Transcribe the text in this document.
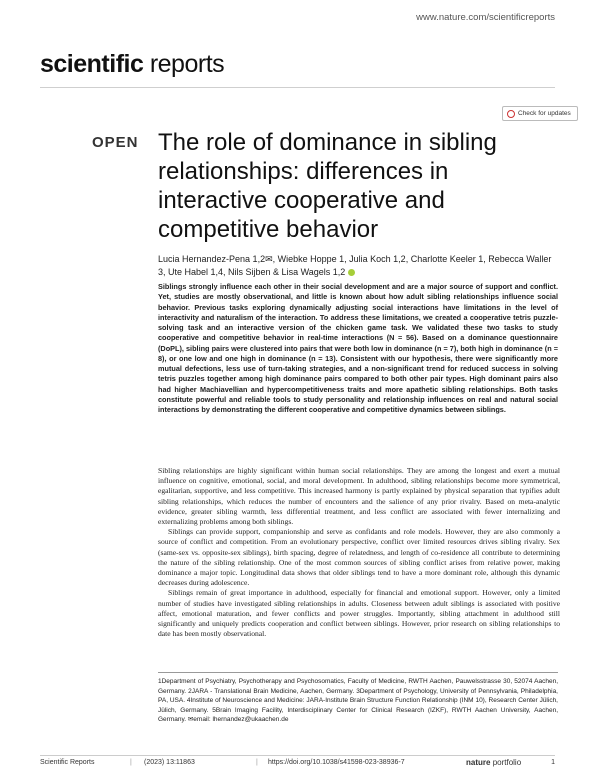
www.nature.com/scientificreports
scientific reports
OPEN
Check for updates
The role of dominance in sibling relationships: differences in interactive cooperative and competitive behavior
Lucia Hernandez-Pena 1,2✉, Wiebke Hoppe 1, Julia Koch 1,2, Charlotte Keeler 1, Rebecca Waller 3, Ute Habel 1,4, Nils Sijben & Lisa Wagels 1,2
Siblings strongly influence each other in their social development and are a major source of support and conflict. Yet, studies are mostly observational, and little is known about how adult sibling relationships influence social behavior. Previous tasks exploring dynamically adjusting social interactions have limitations in the level of interactivity and naturalism of the interaction. To address these limitations, we created a cooperative tetris puzzle-solving task and an interactive version of the chicken game task. We validated these two tasks to study cooperative and competitive behavior in real-time interactions (N = 56). Based on a dominance questionnaire (DoPL), sibling pairs were clustered into pairs that were both low in dominance (n = 7), both high in dominance (n = 8), or one low and one high in dominance (n = 13). Consistent with our hypothesis, there were significantly more mutual defections, less use of turn-taking strategies, and a non-significant trend for reduced success in solving tetris puzzles together among high dominance pairs compared to both other pair types. High dominant pairs also had higher Machiavellian and hypercompetitiveness traits and more apathetic sibling relationships. Both tasks constitute powerful and reliable tools to study personality and relationship influences on real and natural social interactions by demonstrating the different cooperative and competitive dynamics between siblings.

Sibling relationships are highly significant within human social relationships. They are among the longest and exert a mutual influence on cognitive, emotional, social, and moral development. In adulthood, sibling relationships become more symmetrical, egalitarian, supportive, and less competitive. This increased harmony is partly explained by physical separation that typifies adult sibling relationships, which reduces the number of encounters and the salience of any prior rivalry. Based on meta-analytic evidence, greater sibling warmth, less differential treatment, and less conflict are associated with fewer internalizing and externalizing problems among both siblings.

Siblings can provide support, companionship and serve as confidants and role models. However, they are also commonly a source of conflict and competition. From an evolutionary perspective, conflict over limited resources drives sibling rivalry. Sex (same-sex vs. opposite-sex siblings), birth spacing, degree of relatedness, and length of co-residence all contribute to determining the nature of the sibling relationship. One of the most common sources of sibling conflict arises from relative power, making dominance a major topic. Longitudinal data shows that older siblings tend to have a more dominant role, although this dynamic decreases during adolescence.

Siblings remain of great importance in adulthood, especially for financial and emotional support. However, only a limited number of studies have investigated sibling relationships in adults. Closeness between adult siblings is associated with positive affect, emotional maturation, and fewer conflicts and power struggles. Importantly, sibling attachment in adulthood still significantly and uniquely predicts cooperation and conflict between siblings. However, prior research on sibling relationships to date has been mostly observational.

1Department of Psychiatry, Psychotherapy and Psychosomatics, Faculty of Medicine, RWTH Aachen, Pauwelsstrasse 30, 52074 Aachen, Germany. 2JARA - Translational Brain Medicine, Aachen, Germany. 3Department of Psychology, University of Pennsylvania, Philadelphia, PA, USA. 4Institute of Neuroscience and Medicine: JARA-Institute Brain Structure Function Relationship (INM 10), Research Center Jülich, Jülich, Germany. 5Brain Imaging Facility, Interdisciplinary Center for Clinical Research (IZKF), RWTH Aachen University, Aachen, Germany. ✉email: lhernandez@ukaachen.de
Scientific Reports	| (2023) 13:11863	| https://doi.org/10.1038/s41598-023-38936-7	nature portfolio	1
